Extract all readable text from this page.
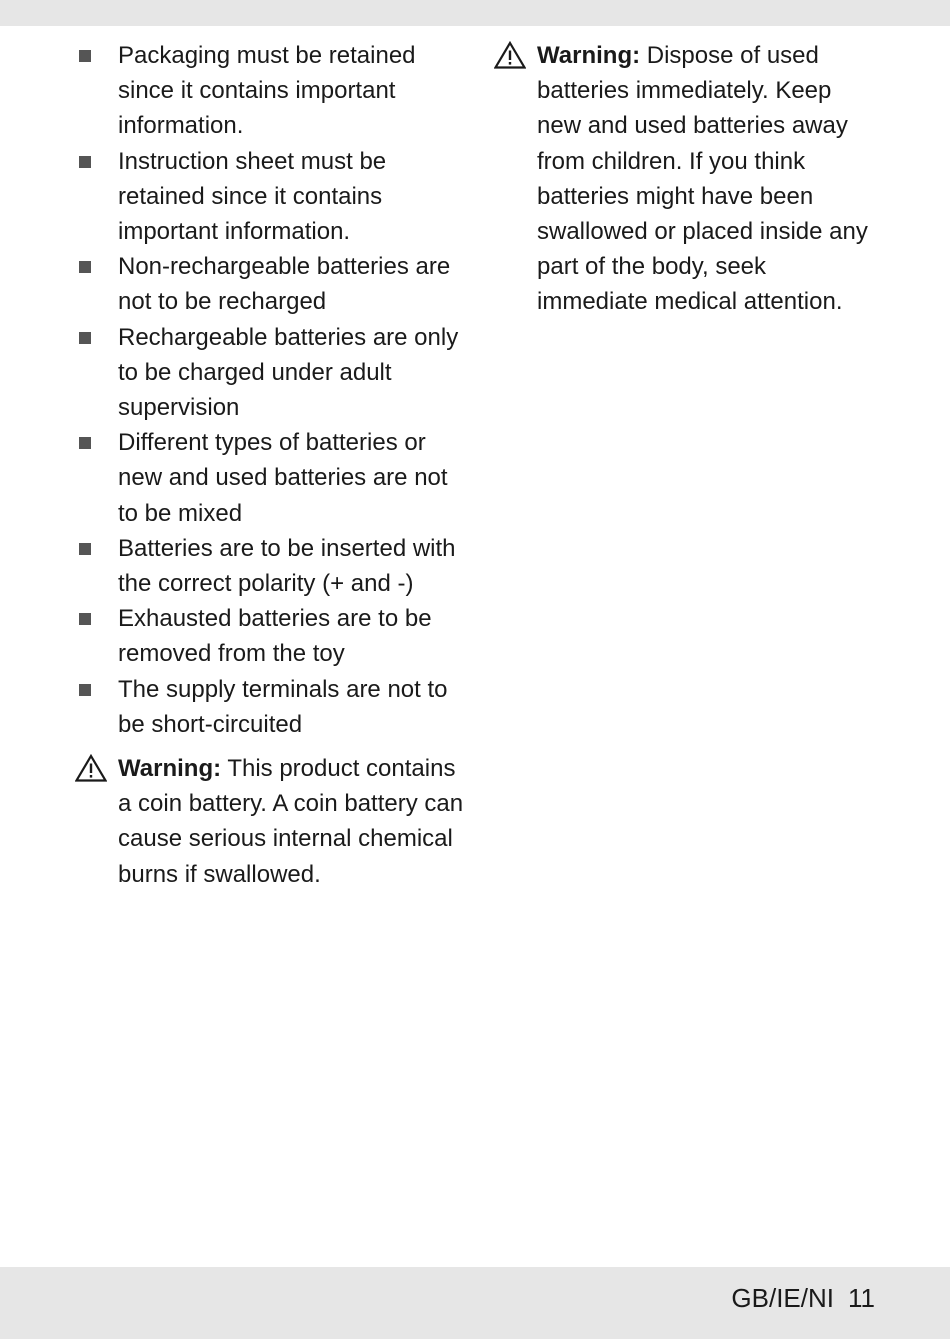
Packaging must be retained since it contains important information.
Instruction sheet must be retained since it contains important information.
Non-rechargeable batteries are not to be recharged
Rechargeable batteries are only to be charged under adult supervision
Different types of batteries or new and used batteries are not to be mixed
Batteries are to be inserted with the correct polarity (+ and -)
Exhausted batteries are to be removed from the toy
The supply terminals are not to be short-circuited
Warning: This product contains a coin battery. A coin battery can cause serious internal chemical burns if swallowed.
Warning: Dispose of used batteries immediately. Keep new and used batteries away from children. If you think batteries might have been swallowed or placed inside any part of the body, seek immediate medical attention.
GB/IE/NI 11
